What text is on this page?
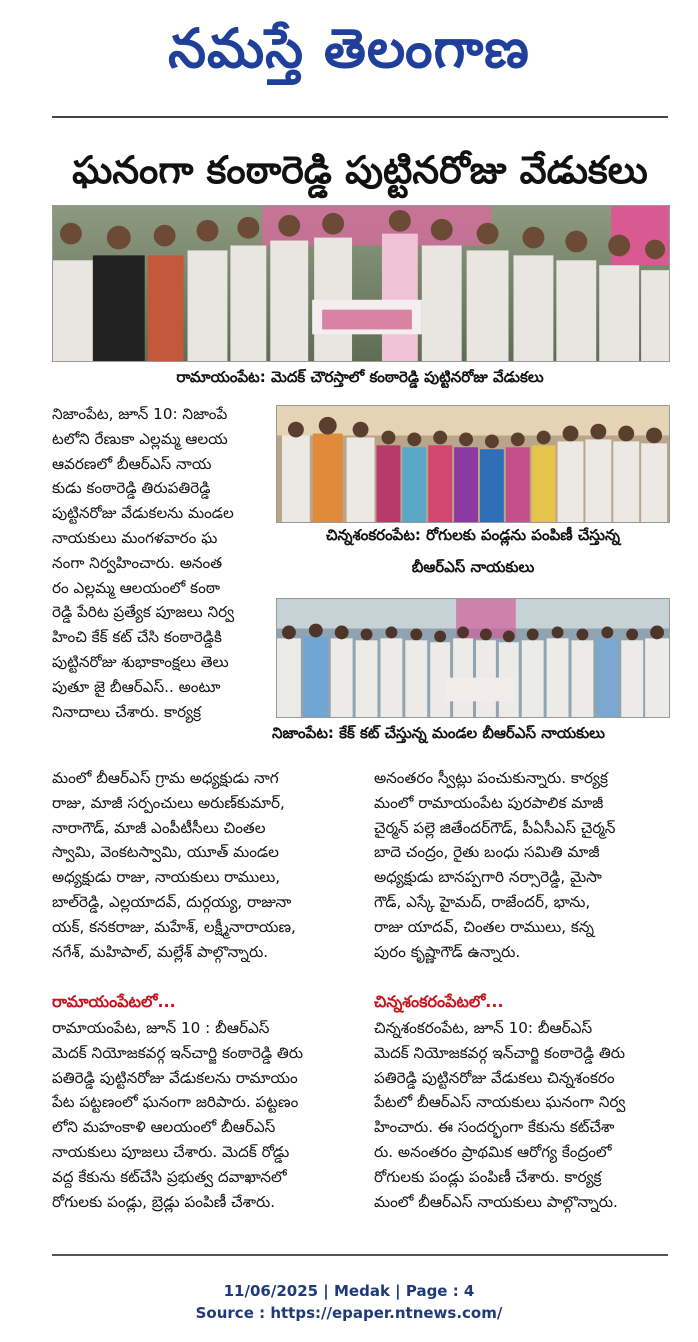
నమస్తే తెలంగాణ
ఘనంగా కంఠారెడ్డి పుట్టినరోజు వేడుకలు
రామాయంపేట: మెదక్ చౌరస్తాలో కంఠారెడ్డి పుట్టినరోజు వేడుకలు
చిన్నశంకరంపేట: రోగులకు పండ్లను పంపిణీ చేస్తున్న
బీఆర్ఎస్ నాయకులు
నిజాంపేట: కేక్ కట్ చేస్తున్న మండల బీఆర్ఎస్ నాయకులు

నిజాంపేట, జూన్ 10: నిజాంపే

టలోని రేణుకా ఎల్లమ్మ ఆలయ

ఆవరణలో బీఆర్ఎస్ నాయ

కుడు కంఠారెడ్డి తిరుపతిరెడ్డి

పుట్టినరోజు వేడుకలను మండల

నాయకులు మంగళవారం ఘ

నంగా నిర్వహించారు. అనంత

రం ఎల్లమ్మ ఆలయంలో కంఠా

రెడ్డి పేరిట ప్రత్యేక పూజలు నిర్వ

హించి కేక్ కట్ చేసి కంఠారెడ్డికి

పుట్టినరోజు శుభాకాంక్షలు తెలు

పుతూ జై బీఆర్ఎస్.. అంటూ

నినాదాలు చేశారు. కార్యక్ర

మంలో బీఆర్ఎస్ గ్రామ అధ్యక్షుడు నాగ

రాజు, మాజీ సర్పంచులు అరుణ్‌కుమార్,

నారాగౌడ్, మాజీ ఎంపీటీసీలు చింతల

స్వామి, వెంకటస్వామి, యూత్ మండల

అధ్యక్షుడు రాజు, నాయకులు రాములు,

బాల్‌రెడ్డి, ఎల్లయాదవ్, దుర్గయ్య, రాజునా

యక్, కనకరాజు, మహేశ్, లక్ష్మీనారాయణ,

నగేశ్, మహిపాల్, మల్లేశ్ పాల్గొన్నారు.

రామాయంపేటలో...

రామాయంపేట, జూన్ 10 : బీఆర్ఎస్

మెదక్ నియోజకవర్గ ఇన్‌చార్జి కంఠారెడ్డి తిరు

పతిరెడ్డి పుట్టినరోజు వేడుకలను రామాయం

పేట పట్టణంలో ఘనంగా జరిపారు. పట్టణం

లోని మహంకాళి ఆలయంలో బీఆర్ఎస్

నాయకులు పూజలు చేశారు. మెదక్ రోడ్డు

వద్ద కేకును కట్‌చేసి ప్రభుత్వ దవాఖానలో

రోగులకు పండ్లు, బ్రెడ్లు పంపిణీ చేశారు.

అనంతరం స్వీట్లు పంచుకున్నారు. కార్యక్ర

మంలో రామాయంపేట పురపాలిక మాజీ

చైర్మన్ పల్లె జితేందర్‌గౌడ్, పీఏసీఎస్ చైర్మన్

బాదె చంద్రం, రైతు బంధు సమితి మాజీ

అధ్యక్షుడు బానప్పగారి నర్సారెడ్డి, మైసా

గౌడ్, ఎస్కే హైమద్, రాజేందర్, భాను,

రాజు యాదవ్, చింతల రాములు, కన్న

పురం కృష్ణాగౌడ్ ఉన్నారు.

చిన్నశంకరంపేటలో...

చిన్నశంకరంపేట, జూన్ 10: బీఆర్ఎస్

మెదక్ నియోజకవర్గ ఇన్‌చార్జి కంఠారెడ్డి తిరు

పతిరెడ్డి పుట్టినరోజు వేడుకలు చిన్నశంకరం

పేటలో బీఆర్ఎస్ నాయకులు ఘనంగా నిర్వ

హించారు. ఈ సందర్భంగా కేకును కట్‌చేశా

రు. అనంతరం ప్రాథమిక ఆరోగ్య కేంద్రంలో

రోగులకు పండ్లు పంపిణీ చేశారు. కార్యక్ర

మంలో బీఆర్ఎస్ నాయకులు పాల్గొన్నారు.

11/06/2025 | Medak | Page : 4
Source : https://epaper.ntnews.com/
